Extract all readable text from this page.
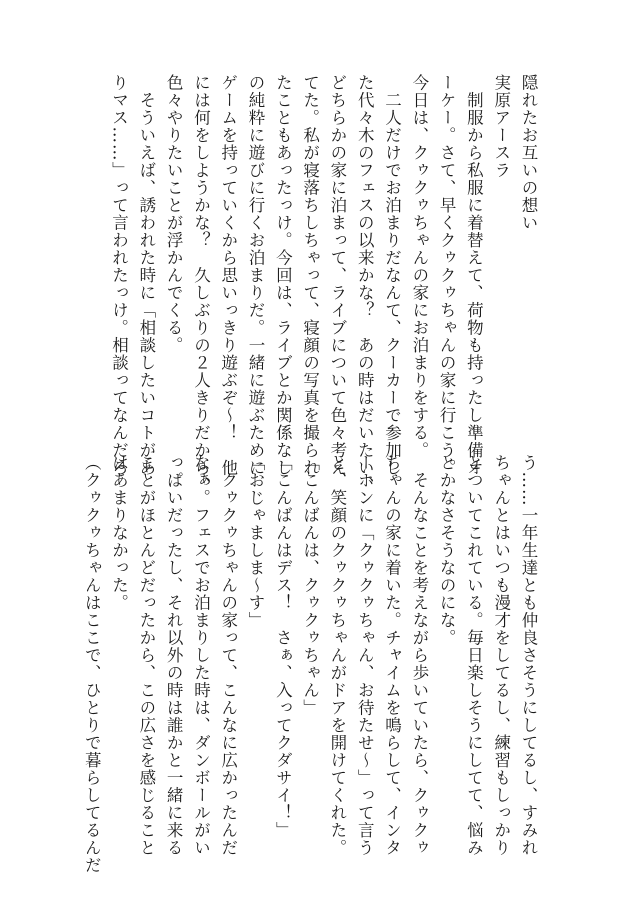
隠れたお互いの想い
実原アースラ
　制服から私服に着替えて、荷物も持ったし準備オ
ーケー。さて、早くクゥクゥちゃんの家に行こう。
今日は、クゥクゥちゃんの家にお泊まりをする。
　二人だけでお泊まりだなんて、クーカーで参加し
た代々木のフェスの以来かな？　あの時はだいたい、
どちらかの家に泊まって、ライブについて色々考え
てた。私が寝落ちしちゃって、寝顔の写真を撮られ
たこともあったっけ。今回は、ライブとか関係なし
の純粋に遊びに行くお泊まりだ。一緒に遊ぶために
ゲームを持っていくから思いっきり遊ぶぞ〜！　他
には何をしようかな？　久しぶりの２人きりだから、
色々やりたいことが浮かんでくる。
　そういえば、誘われた時に「相談したいコトがあ
りマス……」って言われたっけ。相談ってなんだろ
う……一年生達とも仲良さそうにしてるし、すみれ
ちゃんとはいつも漫才をしてるし、練習もしっかり
とついてこれている。毎日楽しそうにしてて、悩み
とかなさそうなのにな。
　そんなことを考えながら歩いていたら、クゥクゥ
ちゃんの家に着いた。チャイムを鳴らして、インタ
ーホンに「クゥクゥちゃん、お待たせ〜」って言う
と、笑顔のクゥクゥちゃんがドアを開けてくれた。
「こんばんは、クゥクゥちゃん」
「こんばんはデス！　さぁ、入ってクダサイ！」
「おじゃましま〜す」
　クゥクゥちゃんの家って、こんなに広かったんだ
なぁ。フェスでお泊まりした時は、ダンボールがい
っぱいだったし、それ以外の時は誰かと一緒に来る
ことがほとんどだったから、この広さを感じること
はあまりなかった。
（クゥクゥちゃんはここで、ひとりで暮らしてるんだ
